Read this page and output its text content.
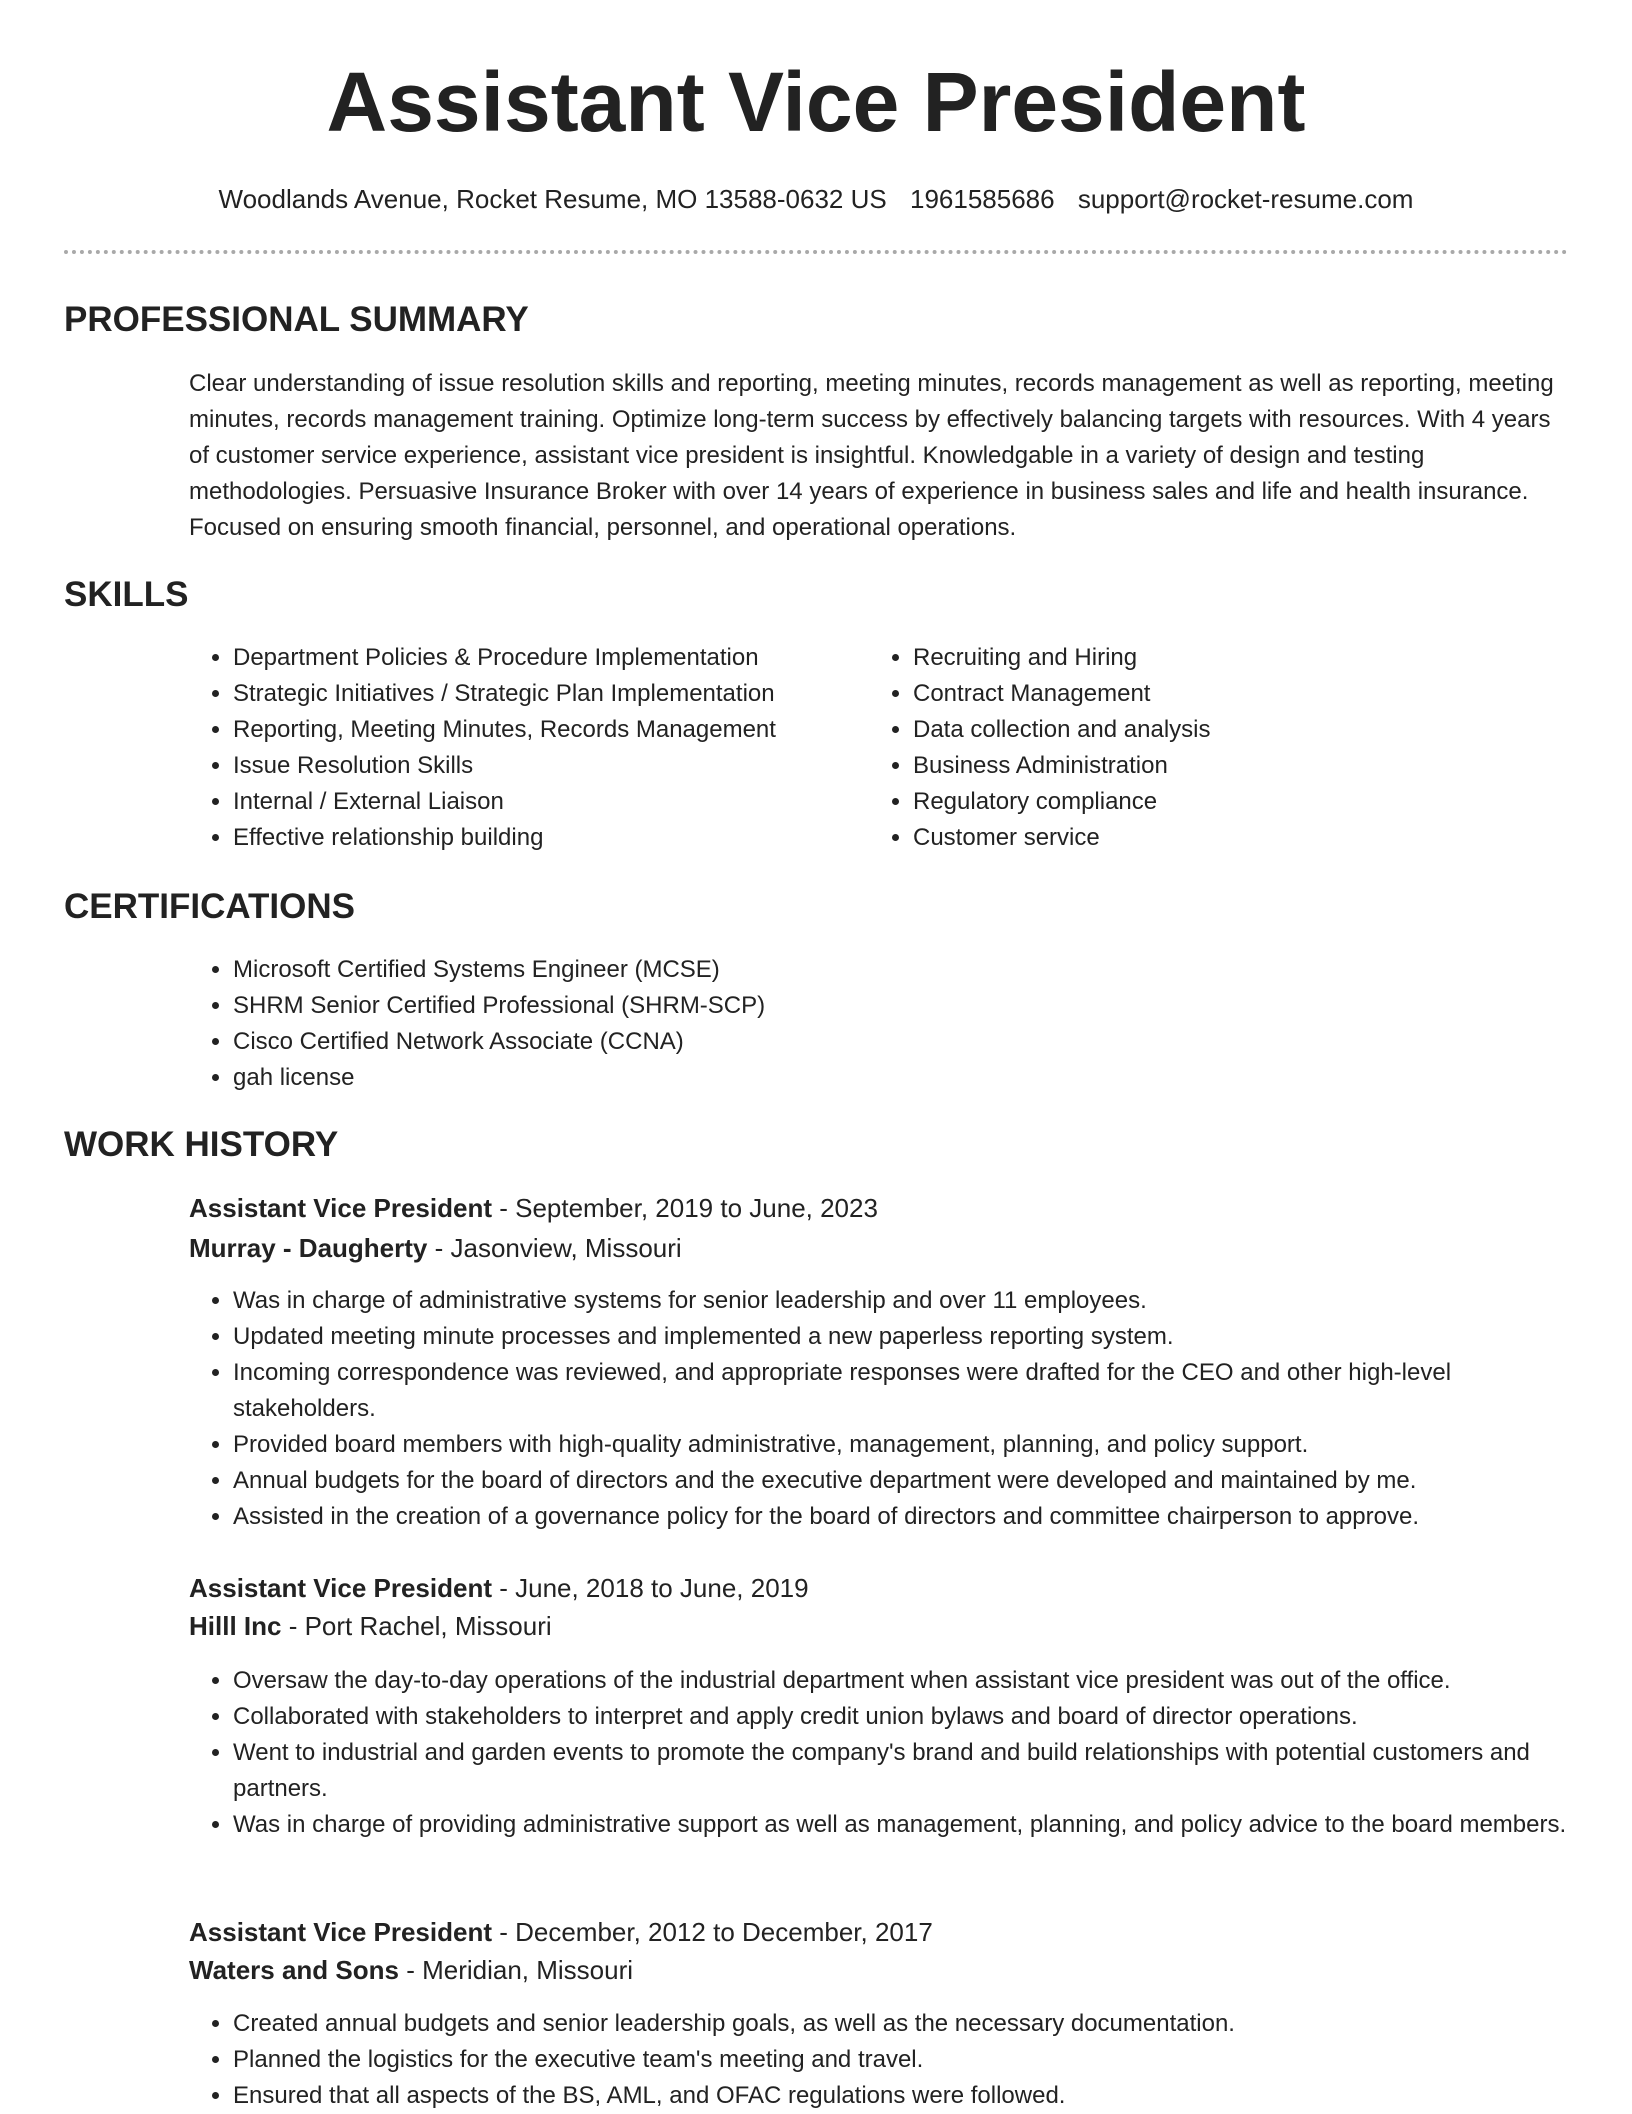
Assistant Vice President
Woodlands Avenue, Rocket Resume, MO 13588-0632 US 1961585686 support@rocket-resume.com
PROFESSIONAL SUMMARY

Clear understanding of issue resolution skills and reporting, meeting minutes, records management as well as reporting, meeting minutes, records management training. Optimize long-term success by effectively balancing targets with resources. With 4 years of customer service experience, assistant vice president is insightful. Knowledgable in a variety of design and testing methodologies. Persuasive Insurance Broker with over 14 years of experience in business sales and life and health insurance. Focused on ensuring smooth financial, personnel, and operational operations.

SKILLS
• Department Policies & Procedure Implementation
• Strategic Initiatives / Strategic Plan Implementation
• Reporting, Meeting Minutes, Records Management
• Issue Resolution Skills
• Internal / External Liaison
• Effective relationship building
• Recruiting and Hiring
• Contract Management
• Data collection and analysis
• Business Administration
• Regulatory compliance
• Customer service
CERTIFICATIONS
• Microsoft Certified Systems Engineer (MCSE)
• SHRM Senior Certified Professional (SHRM-SCP)
• Cisco Certified Network Associate (CCNA)
• gah license
WORK HISTORY
Assistant Vice President - September, 2019 to June, 2023
Murray - Daugherty - Jasonview, Missouri
• Was in charge of administrative systems for senior leadership and over 11 employees.
• Updated meeting minute processes and implemented a new paperless reporting system.
• Incoming correspondence was reviewed, and appropriate responses were drafted for the CEO and other high-level stakeholders.
• Provided board members with high-quality administrative, management, planning, and policy support.
• Annual budgets for the board of directors and the executive department were developed and maintained by me.
• Assisted in the creation of a governance policy for the board of directors and committee chairperson to approve.
Assistant Vice President - June, 2018 to June, 2019
Hilll Inc - Port Rachel, Missouri
• Oversaw the day-to-day operations of the industrial department when assistant vice president was out of the office.
• Collaborated with stakeholders to interpret and apply credit union bylaws and board of director operations.
• Went to industrial and garden events to promote the company's brand and build relationships with potential customers and partners.
• Was in charge of providing administrative support as well as management, planning, and policy advice to the board members.
Assistant Vice President - December, 2012 to December, 2017
Waters and Sons - Meridian, Missouri
• Created annual budgets and senior leadership goals, as well as the necessary documentation.
• Planned the logistics for the executive team's meeting and travel.
• Ensured that all aspects of the BS, AML, and OFAC regulations were followed.
